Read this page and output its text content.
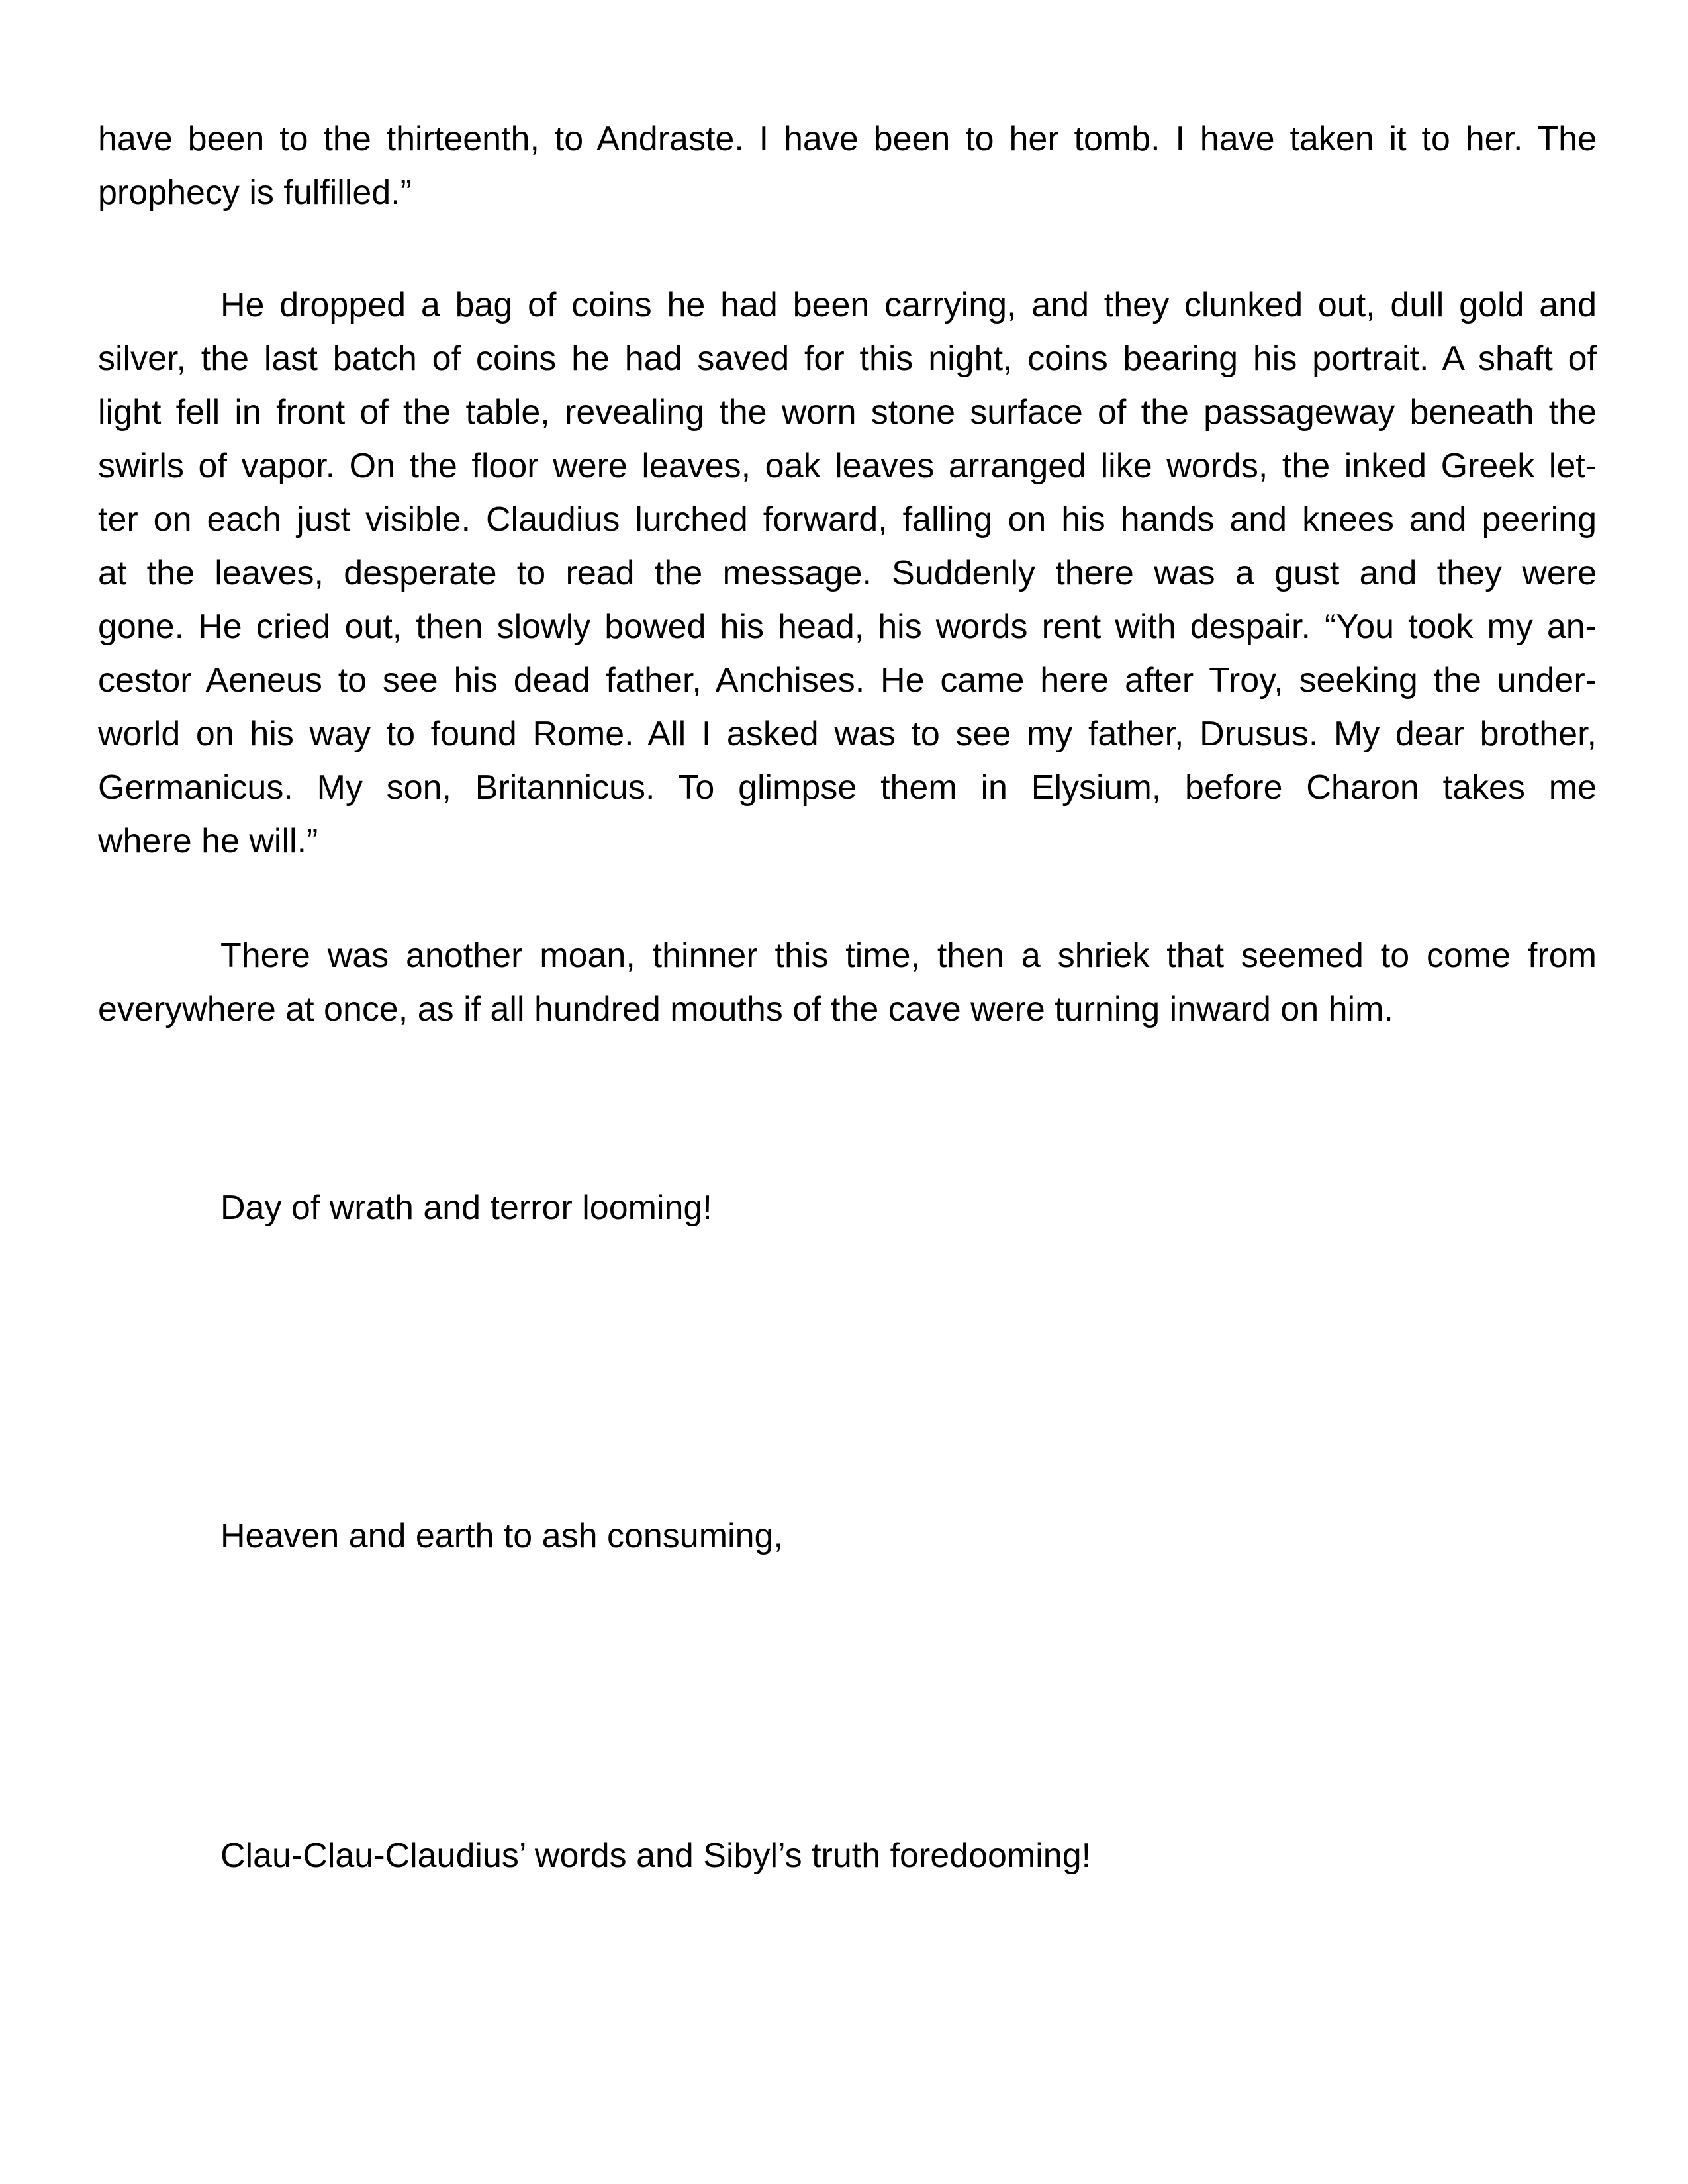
have been to the thirteenth, to Andraste. I have been to her tomb. I have taken it to her. The
prophecy is fulfilled.”

He dropped a bag of coins he had been carrying, and they clunked out, dull gold and
silver, the last batch of coins he had saved for this night, coins bearing his portrait. A shaft of
light fell in front of the table, revealing the worn stone surface of the passageway beneath the
swirls of vapor. On the floor were leaves, oak leaves arranged like words, the inked Greek let-
ter on each just visible. Claudius lurched forward, falling on his hands and knees and peering
at the leaves, desperate to read the message. Suddenly there was a gust and they were
gone. He cried out, then slowly bowed his head, his words rent with despair. “You took my an-
cestor Aeneus to see his dead father, Anchises. He came here after Troy, seeking the under-
world on his way to found Rome. All I asked was to see my father, Drusus. My dear brother,
Germanicus. My son, Britannicus. To glimpse them in Elysium, before Charon takes me
where he will.”

There was another moan, thinner this time, then a shriek that seemed to come from
everywhere at once, as if all hundred mouths of the cave were turning inward on him.

Day of wrath and terror looming!

Heaven and earth to ash consuming,

Clau-Clau-Claudius’ words and Sibyl’s truth foredooming!
